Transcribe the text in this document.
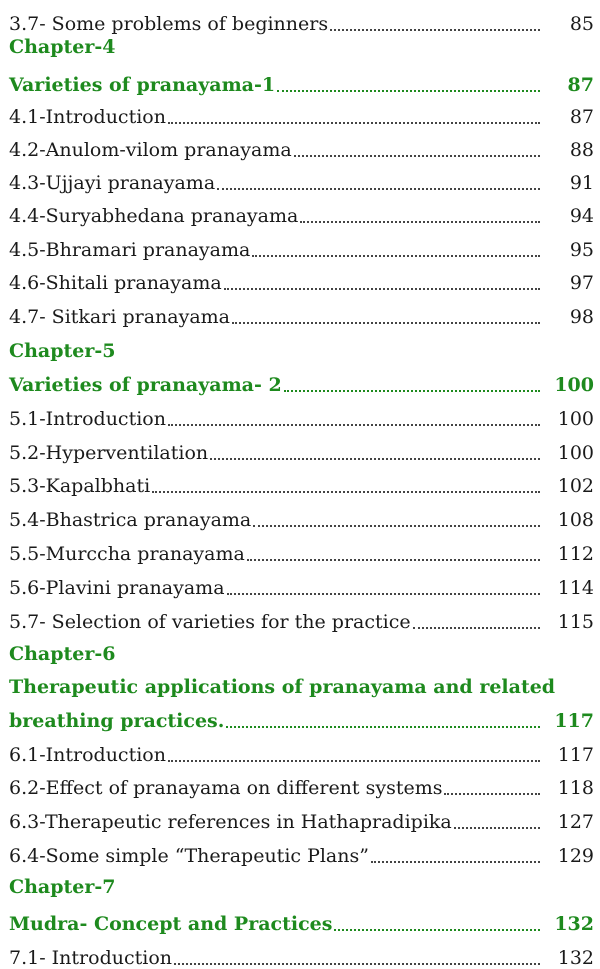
3.7- Some problems of beginners	85
Chapter-4
Varieties of pranayama-1	87
4.1-Introduction	87
4.2-Anulom-vilom pranayama	88
4.3-Ujjayi pranayama	91
4.4-Suryabhedana pranayama	94
4.5-Bhramari pranayama	95
4.6-Shitali pranayama	97
4.7- Sitkari pranayama	98
Chapter-5
Varieties of pranayama- 2	100
5.1-Introduction	100
5.2-Hyperventilation	100
5.3-Kapalbhati	102
5.4-Bhastrica pranayama	108
5.5-Murccha pranayama	112
5.6-Plavini pranayama	114
5.7- Selection of varieties for the practice	115
Chapter-6
Therapeutic applications of pranayama and related
breathing practices.	117
6.1-Introduction	117
6.2-Effect of pranayama on different systems	118
6.3-Therapeutic references in Hathapradipika	127
6.4-Some simple “Therapeutic Plans”	129
Chapter-7
Mudra- Concept and Practices	132
7.1- Introduction	132
